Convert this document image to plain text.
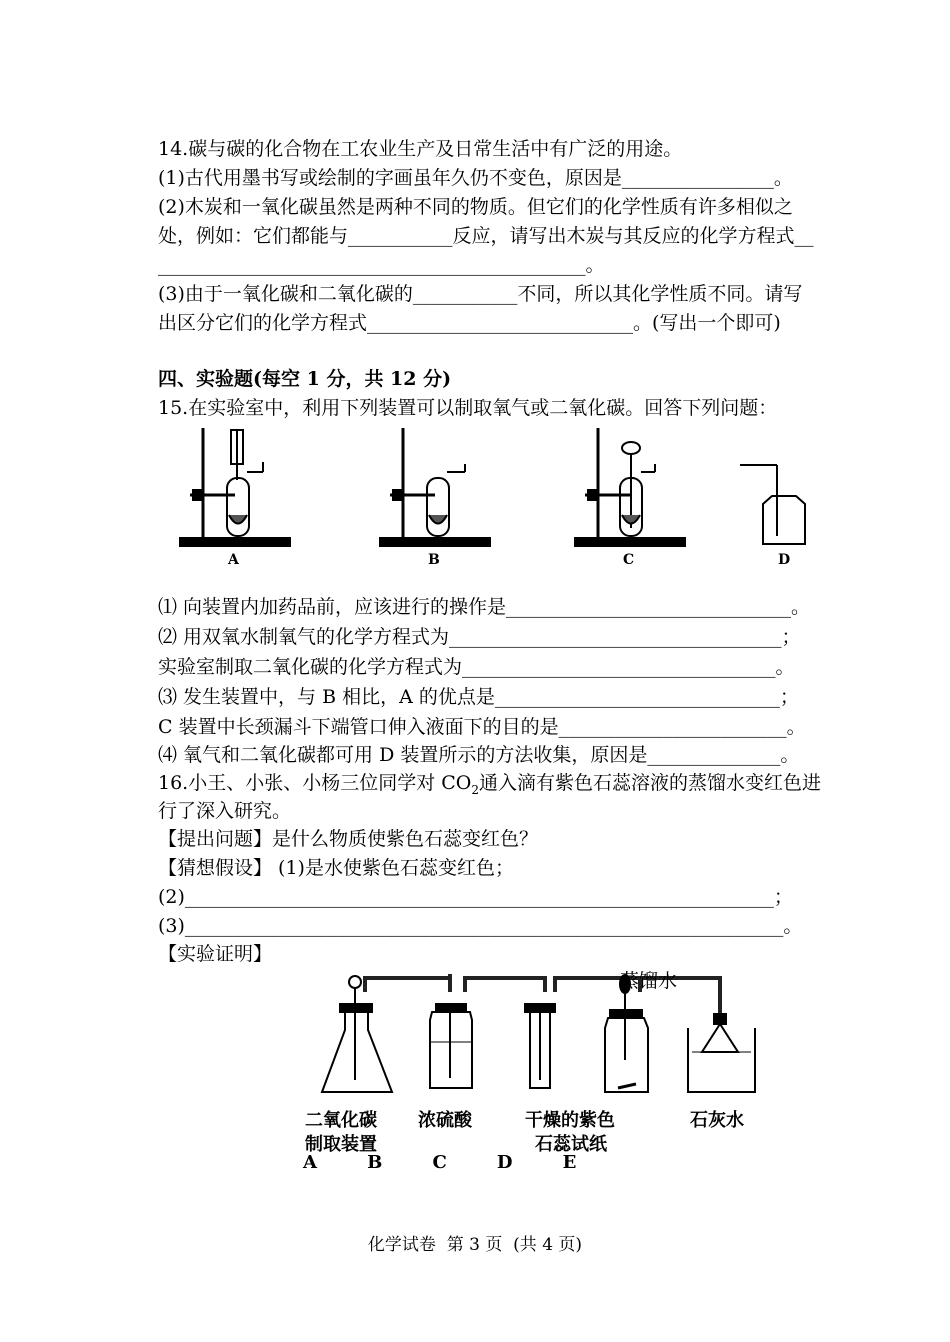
14.碳与碳的化合物在工农业生产及日常生活中有广泛的用途。
(1)古代用墨书写或绘制的字画虽年久仍不变色，原因是________________。
(2)木炭和一氧化碳虽然是两种不同的物质。但它们的化学性质有许多相似之
处，例如：它们都能与___________反应，请写出木炭与其反应的化学方程式__
_____________________________________________。
(3)由于一氧化碳和二氧化碳的___________不同，所以其化学性质不同。请写
出区分它们的化学方程式____________________________。(写出一个即可)
四、实验题(每空 1 分，共 12 分)
15.在实验室中，利用下列装置可以制取氧气或二氧化碳。回答下列问题：
A	B	C	D
⑴ 向装置内加药品前，应该进行的操作是______________________________。
⑵ 用双氧水制氧气的化学方程式为___________________________________；
实验室制取二氧化碳的化学方程式为_________________________________。
⑶ 发生装置中，与 B 相比，A 的优点是______________________________；
C 装置中长颈漏斗下端管口伸入液面下的目的是________________________。
⑷ 氧气和二氧化碳都可用 D 装置所示的方法收集，原因是______________。
16.小王、小张、小杨三位同学对 $CO_2$通入滴有紫色石蕊溶液的蒸馏水变红色进
行了深入研究。
【提出问题】是什么物质使紫色石蕊变红色？
【猜想假设】 (1)是水使紫色石蕊变红色；
(2)______________________________________________________________；
(3)_______________________________________________________________。
【实验证明】
蒸馏水
二氧化碳
制取装置
浓硫酸	干燥的紫色
石蕊试纸
石灰水
A        B        C        D        E
化学试卷  第 3 页  (共 4 页)
